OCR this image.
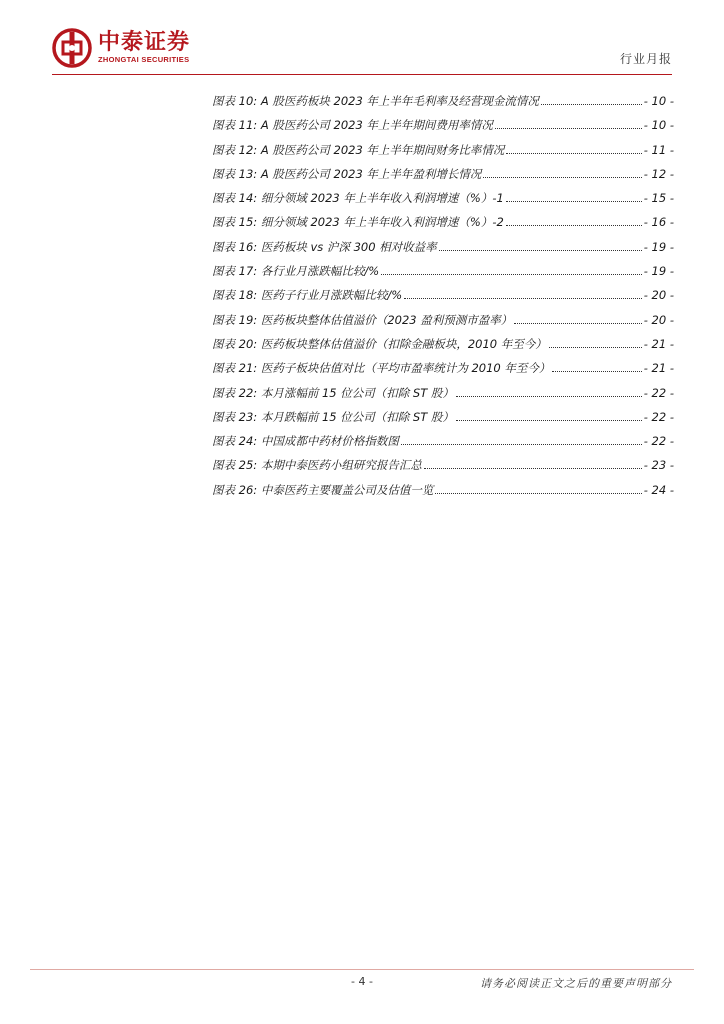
中泰证券
ZHONGTAI SECURITIES	行业月报
图表 10: A 股医药板块 2023 年上半年毛利率及经营现金流情况	- 10 -
图表 11: A 股医药公司 2023 年上半年期间费用率情况	- 10 -
图表 12: A 股医药公司 2023 年上半年期间财务比率情况	- 11 -
图表 13: A 股医药公司 2023 年上半年盈利增长情况	- 12 -
图表 14: 细分领域 2023 年上半年收入利润增速（%）-1	- 15 -
图表 15: 细分领域 2023 年上半年收入利润增速（%）-2	- 16 -
图表 16: 医药板块 vs 沪深 300 相对收益率	- 19 -
图表 17: 各行业月涨跌幅比较/%	- 19 -
图表 18: 医药子行业月涨跌幅比较/%	- 20 -
图表 19: 医药板块整体估值溢价（2023 盈利预测市盈率）	- 20 -
图表 20: 医药板块整体估值溢价（扣除金融板块，2010 年至今）	- 21 -
图表 21: 医药子板块估值对比（平均市盈率统计为 2010 年至今）	- 21 -
图表 22: 本月涨幅前 15 位公司（扣除 ST 股）	- 22 -
图表 23: 本月跌幅前 15 位公司（扣除 ST 股）	- 22 -
图表 24: 中国成都中药材价格指数图	- 22 -
图表 25: 本期中泰医药小组研究报告汇总	- 23 -
图表 26: 中泰医药主要覆盖公司及估值一览	- 24 -
- 4 -	请务必阅读正文之后的重要声明部分
